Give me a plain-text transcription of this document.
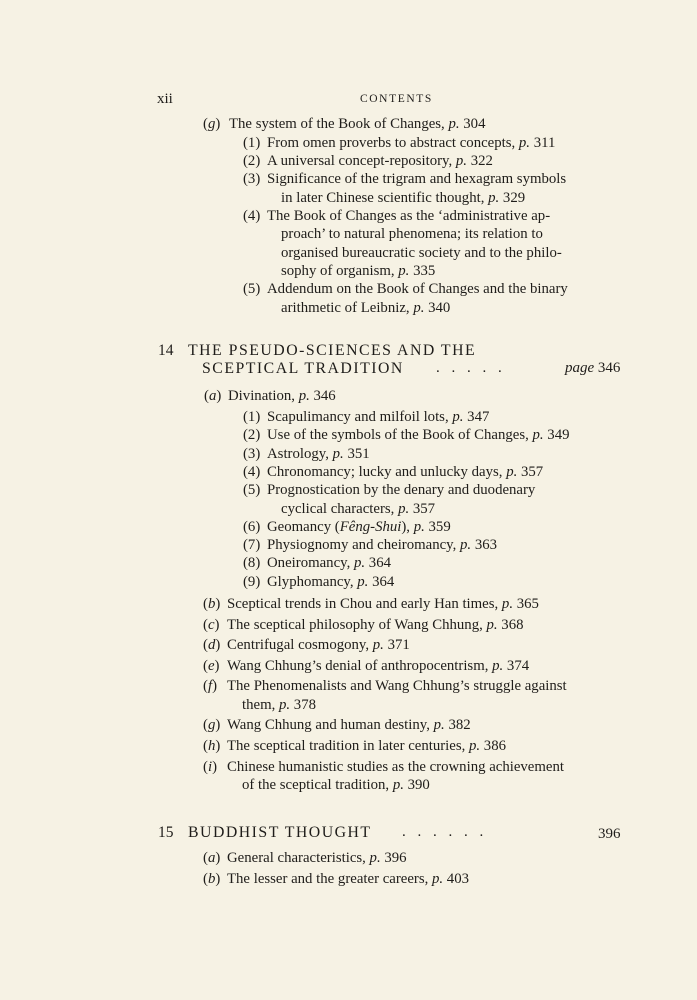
xii	CONTENTS
(g) The system of the Book of Changes, p. 304
(1) From omen proverbs to abstract concepts, p. 311
(2) A universal concept-repository, p. 322
(3) Significance of the trigram and hexagram symbols
in later Chinese scientific thought, p. 329
(4) The Book of Changes as the ‘administrative ap-
proach’ to natural phenomena; its relation to
organised bureaucratic society and to the philo-
sophy of organism, p. 335
(5) Addendum on the Book of Changes and the binary
arithmetic of Leibniz, p. 340
14 THE PSEUDO-SCIENCES AND THE
SCEPTICAL TRADITION . . . . .	page 346
(a) Divination, p. 346
(1) Scapulimancy and milfoil lots, p. 347
(2) Use of the symbols of the Book of Changes, p. 349
(3) Astrology, p. 351
(4) Chronomancy; lucky and unlucky days, p. 357
(5) Prognostication by the denary and duodenary
cyclical characters, p. 357
(6) Geomancy (Fêng-Shui), p. 359
(7) Physiognomy and cheiromancy, p. 363
(8) Oneiromancy, p. 364
(9) Glyphomancy, p. 364
(b) Sceptical trends in Chou and early Han times, p. 365
(c) The sceptical philosophy of Wang Chhung, p. 368
(d) Centrifugal cosmogony, p. 371
(e) Wang Chhung’s denial of anthropocentrism, p. 374
(f) The Phenomenalists and Wang Chhung’s struggle against
them, p. 378
(g) Wang Chhung and human destiny, p. 382
(h) The sceptical tradition in later centuries, p. 386
(i) Chinese humanistic studies as the crowning achievement
of the sceptical tradition, p. 390
15 BUDDHIST THOUGHT . . . . . .	396
(a) General characteristics, p. 396
(b) The lesser and the greater careers, p. 403
